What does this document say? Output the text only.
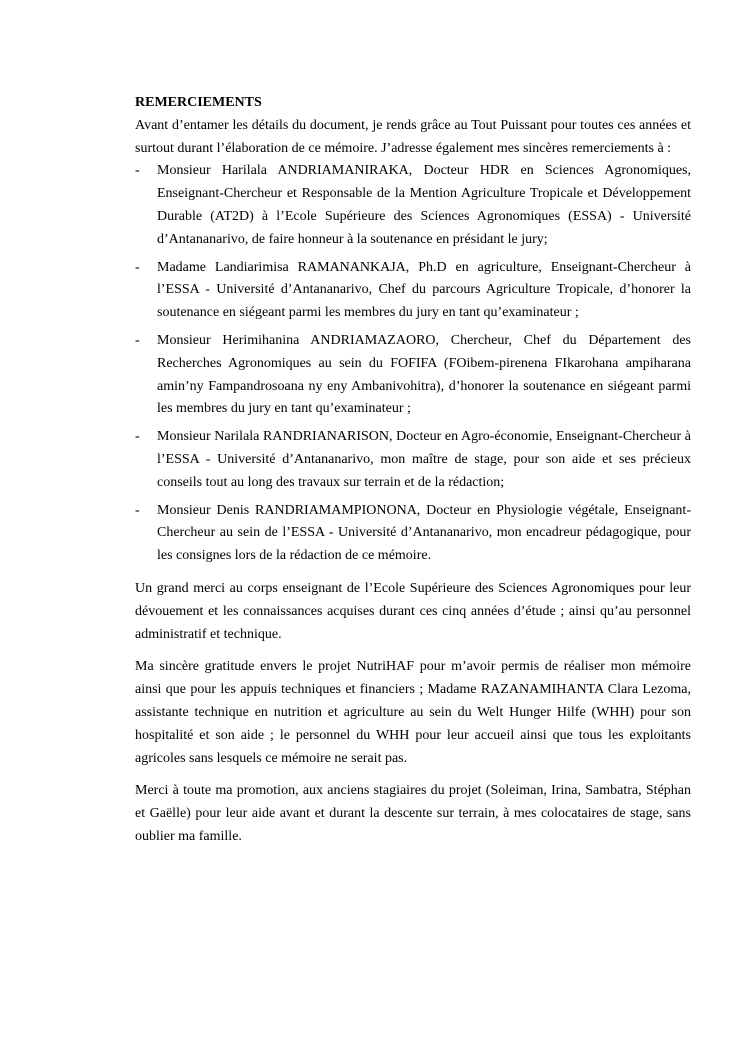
REMERCIEMENTS

Avant d’entamer les détails du document, je rends grâce au Tout Puissant pour toutes ces années et surtout durant l’élaboration de ce mémoire. J’adresse également mes sincères remerciements à :

- Monsieur Harilala ANDRIAMANIRAKA, Docteur HDR en Sciences Agronomiques, Enseignant-Chercheur et Responsable de la Mention Agriculture Tropicale et Développement Durable (AT2D) à l’Ecole Supérieure des Sciences Agronomiques (ESSA) - Université d’Antananarivo, de faire honneur à la soutenance en présidant le jury;
- Madame Landiarimisa RAMANANKAJA, Ph.D en agriculture, Enseignant-Chercheur à l’ESSA - Université d’Antananarivo, Chef du parcours Agriculture Tropicale, d’honorer la soutenance en siégeant parmi les membres du jury en tant qu’examinateur ;
- Monsieur Herimihanina ANDRIAMAZAORO, Chercheur, Chef du Département des Recherches Agronomiques au sein du FOFIFA (FOibem-pirenena FIkarohana ampiharana amin’ny Fampandrosoana ny eny Ambanivohitra), d’honorer la soutenance en siégeant parmi les membres du jury en tant qu’examinateur ;
- Monsieur Narilala RANDRIANARISON, Docteur en Agro-économie, Enseignant-Chercheur à l’ESSA - Université d’Antananarivo, mon maître de stage, pour son aide et ses précieux conseils tout au long des travaux sur terrain et de la rédaction;
- Monsieur Denis RANDRIAMAMPIONONA, Docteur en Physiologie végétale, Enseignant-Chercheur au sein de l’ESSA - Université d’Antananarivo, mon encadreur pédagogique, pour les consignes lors de la rédaction de ce mémoire.

Un grand merci au corps enseignant de l’Ecole Supérieure des Sciences Agronomiques pour leur dévouement et les connaissances acquises durant ces cinq années d’étude ; ainsi qu’au personnel administratif et technique.

Ma sincère gratitude envers le projet NutriHAF pour m’avoir permis de réaliser mon mémoire ainsi que pour les appuis techniques et financiers ; Madame RAZANAMIHANTA Clara Lezoma, assistante technique en nutrition et agriculture au sein du Welt Hunger Hilfe (WHH) pour son hospitalité et son aide ; le personnel du WHH pour leur accueil ainsi que tous les exploitants agricoles sans lesquels ce mémoire ne serait pas.

Merci à toute ma promotion, aux anciens stagiaires du projet (Soleiman, Irina, Sambatra, Stéphan et Gaëlle) pour leur aide avant et durant la descente sur terrain, à mes colocataires de stage, sans oublier ma famille.
